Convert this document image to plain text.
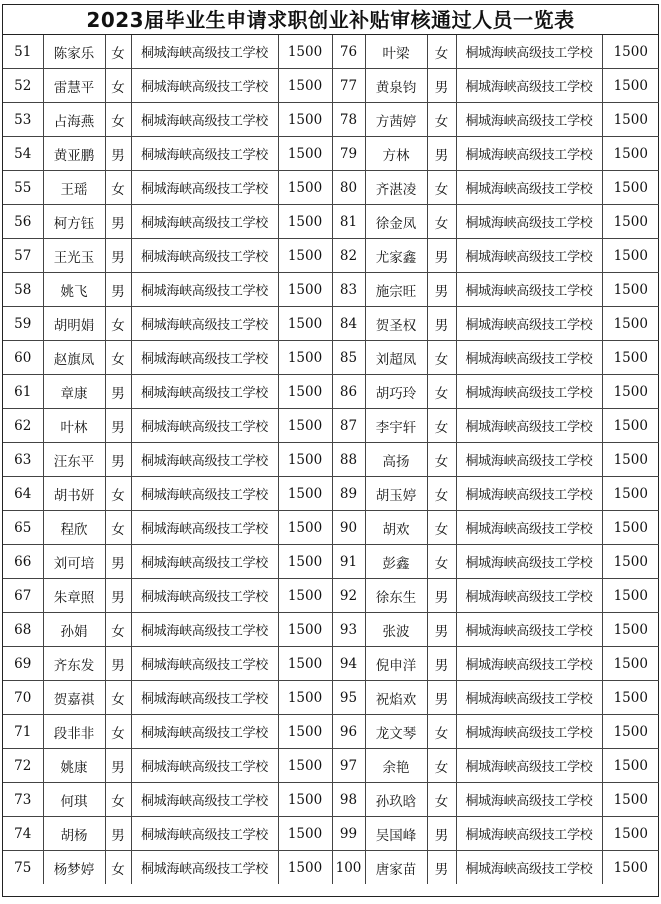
2023届毕业生申请求职创业补贴审核通过人员一览表
51	陈家乐	女	桐城海峡高级技工学校	1500	76	叶梁	女	桐城海峡高级技工学校	1500
52	雷慧平	女	桐城海峡高级技工学校	1500	77	黄泉钧	男	桐城海峡高级技工学校	1500
53	占海燕	女	桐城海峡高级技工学校	1500	78	方茜婷	女	桐城海峡高级技工学校	1500
54	黄亚鹏	男	桐城海峡高级技工学校	1500	79	方林	男	桐城海峡高级技工学校	1500
55	王瑶	女	桐城海峡高级技工学校	1500	80	齐湛凌	女	桐城海峡高级技工学校	1500
56	柯方钰	男	桐城海峡高级技工学校	1500	81	徐金凤	女	桐城海峡高级技工学校	1500
57	王光玉	男	桐城海峡高级技工学校	1500	82	尤家鑫	男	桐城海峡高级技工学校	1500
58	姚飞	男	桐城海峡高级技工学校	1500	83	施宗旺	男	桐城海峡高级技工学校	1500
59	胡明娟	女	桐城海峡高级技工学校	1500	84	贺圣权	男	桐城海峡高级技工学校	1500
60	赵旗凤	女	桐城海峡高级技工学校	1500	85	刘超凤	女	桐城海峡高级技工学校	1500
61	章康	男	桐城海峡高级技工学校	1500	86	胡巧玲	女	桐城海峡高级技工学校	1500
62	叶林	男	桐城海峡高级技工学校	1500	87	李宇轩	女	桐城海峡高级技工学校	1500
63	汪东平	男	桐城海峡高级技工学校	1500	88	高扬	女	桐城海峡高级技工学校	1500
64	胡书妍	女	桐城海峡高级技工学校	1500	89	胡玉婷	女	桐城海峡高级技工学校	1500
65	程欣	女	桐城海峡高级技工学校	1500	90	胡欢	女	桐城海峡高级技工学校	1500
66	刘可培	男	桐城海峡高级技工学校	1500	91	彭鑫	女	桐城海峡高级技工学校	1500
67	朱章照	男	桐城海峡高级技工学校	1500	92	徐东生	男	桐城海峡高级技工学校	1500
68	孙娟	女	桐城海峡高级技工学校	1500	93	张波	男	桐城海峡高级技工学校	1500
69	齐东发	男	桐城海峡高级技工学校	1500	94	倪申洋	男	桐城海峡高级技工学校	1500
70	贺嘉祺	女	桐城海峡高级技工学校	1500	95	祝焰欢	男	桐城海峡高级技工学校	1500
71	段非非	女	桐城海峡高级技工学校	1500	96	龙文琴	女	桐城海峡高级技工学校	1500
72	姚康	男	桐城海峡高级技工学校	1500	97	余艳	女	桐城海峡高级技工学校	1500
73	何琪	女	桐城海峡高级技工学校	1500	98	孙玖晗	女	桐城海峡高级技工学校	1500
74	胡杨	男	桐城海峡高级技工学校	1500	99	吴国峰	男	桐城海峡高级技工学校	1500
75	杨梦婷	女	桐城海峡高级技工学校	1500	100	唐家苗	男	桐城海峡高级技工学校	1500
